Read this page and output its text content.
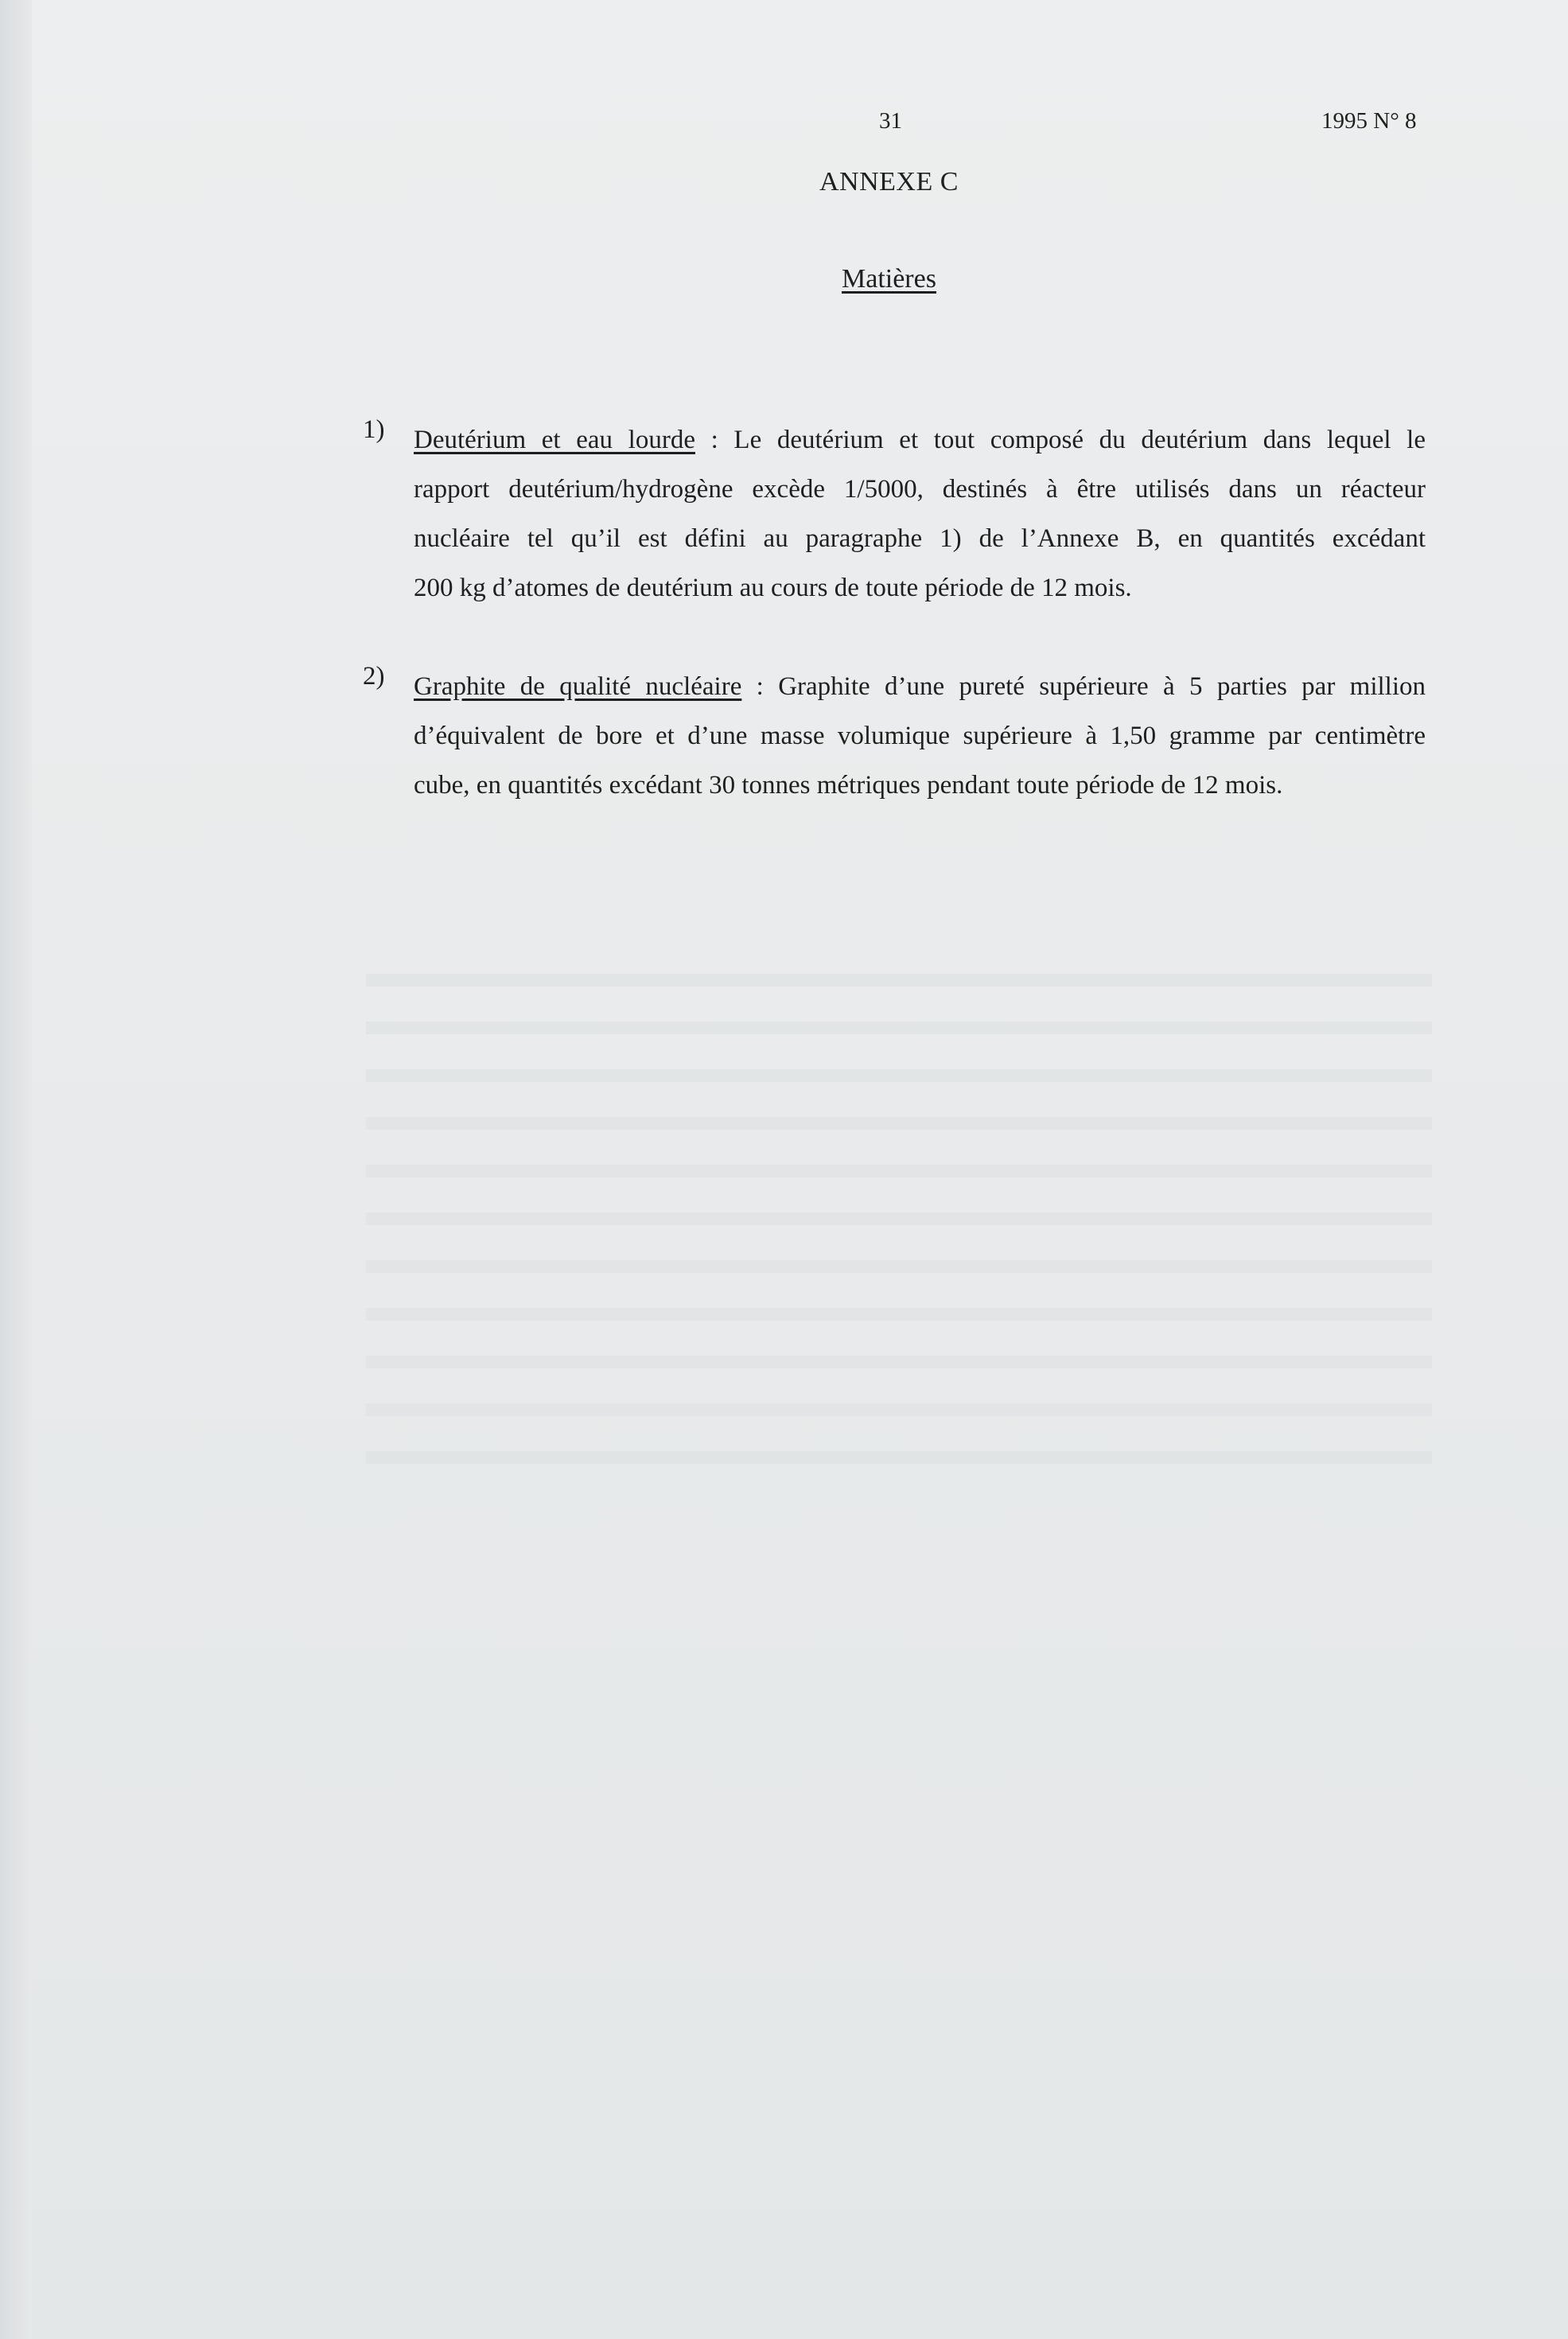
31	1995 N° 8
ANNEXE C
Matières
1) Deutérium et eau lourde : Le deutérium et tout composé du deutérium dans lequel le
rapport deutérium/hydrogène excède 1/5000, destinés à être utilisés dans un réacteur
nucléaire tel qu’il est défini au paragraphe 1) de l’Annexe B, en quantités excédant
200 kg d’atomes de deutérium au cours de toute période de 12 mois.
2) Graphite de qualité nucléaire : Graphite d’une pureté supérieure à 5 parties par million
d’équivalent de bore et d’une masse volumique supérieure à 1,50 gramme par centimètre
cube, en quantités excédant 30 tonnes métriques pendant toute période de 12 mois.
